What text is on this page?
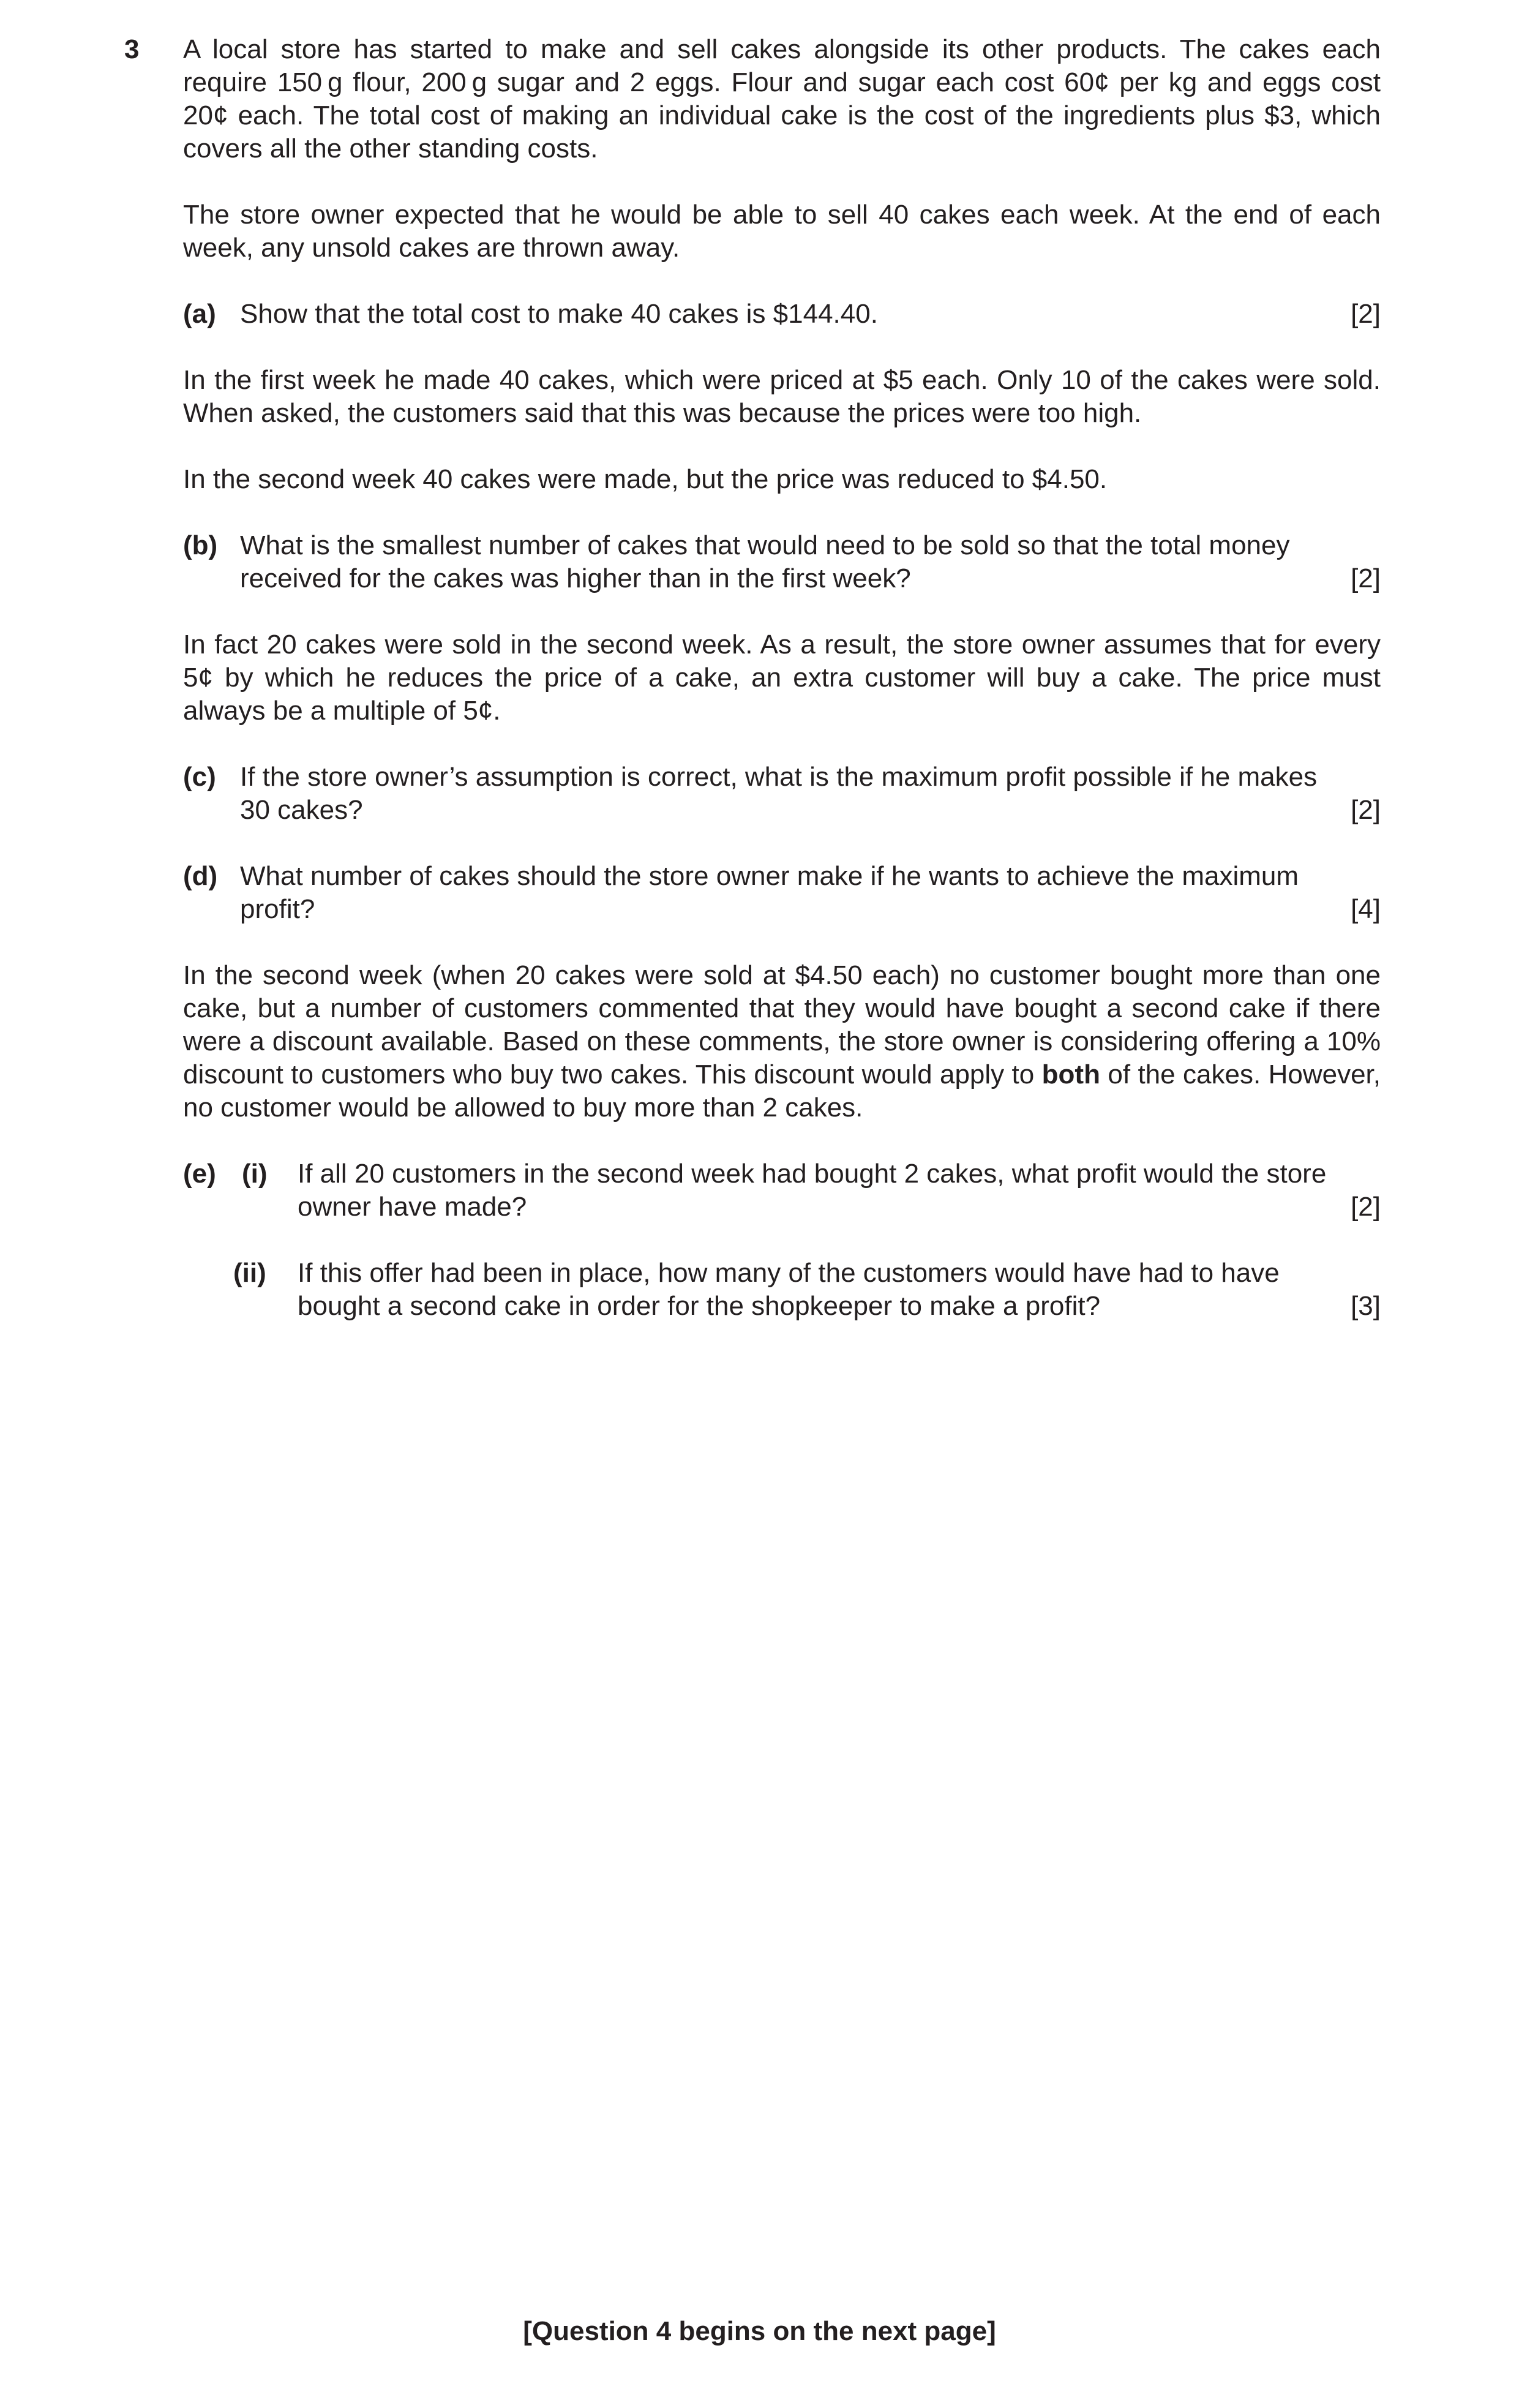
3 A local store has started to make and sell cakes alongside its other products. The cakes each require 150 g flour, 200 g sugar and 2 eggs. Flour and sugar each cost 60¢ per kg and eggs cost 20¢ each. The total cost of making an individual cake is the cost of the ingredients plus $3, which covers all the other standing costs.

The store owner expected that he would be able to sell 40 cakes each week. At the end of each week, any unsold cakes are thrown away.

(a) Show that the total cost to make 40 cakes is $144.40.	[2]

In the first week he made 40 cakes, which were priced at $5 each. Only 10 of the cakes were sold. When asked, the customers said that this was because the prices were too high.

In the second week 40 cakes were made, but the price was reduced to $4.50.

(b) What is the smallest number of cakes that would need to be sold so that the total money
received for the cakes was higher than in the first week?	[2]

In fact 20 cakes were sold in the second week. As a result, the store owner assumes that for every 5¢ by which he reduces the price of a cake, an extra customer will buy a cake. The price must always be a multiple of 5¢.

(c) If the store owner’s assumption is correct, what is the maximum profit possible if he makes
30 cakes?	[2]
(d) What number of cakes should the store owner make if he wants to achieve the maximum
profit?	[4]

In the second week (when 20 cakes were sold at $4.50 each) no customer bought more than one cake, but a number of customers commented that they would have bought a second cake if there were a discount available. Based on these comments, the store owner is considering offering a 10% discount to customers who buy two cakes. This discount would apply to both of the cakes. However, no customer would be allowed to buy more than 2 cakes.

(e) (i) If all 20 customers in the second week had bought 2 cakes, what profit would the store
owner have made?	[2]
(ii) If this offer had been in place, how many of the customers would have had to have
bought a second cake in order for the shopkeeper to make a profit?	[3]
[Question 4 begins on the next page]
